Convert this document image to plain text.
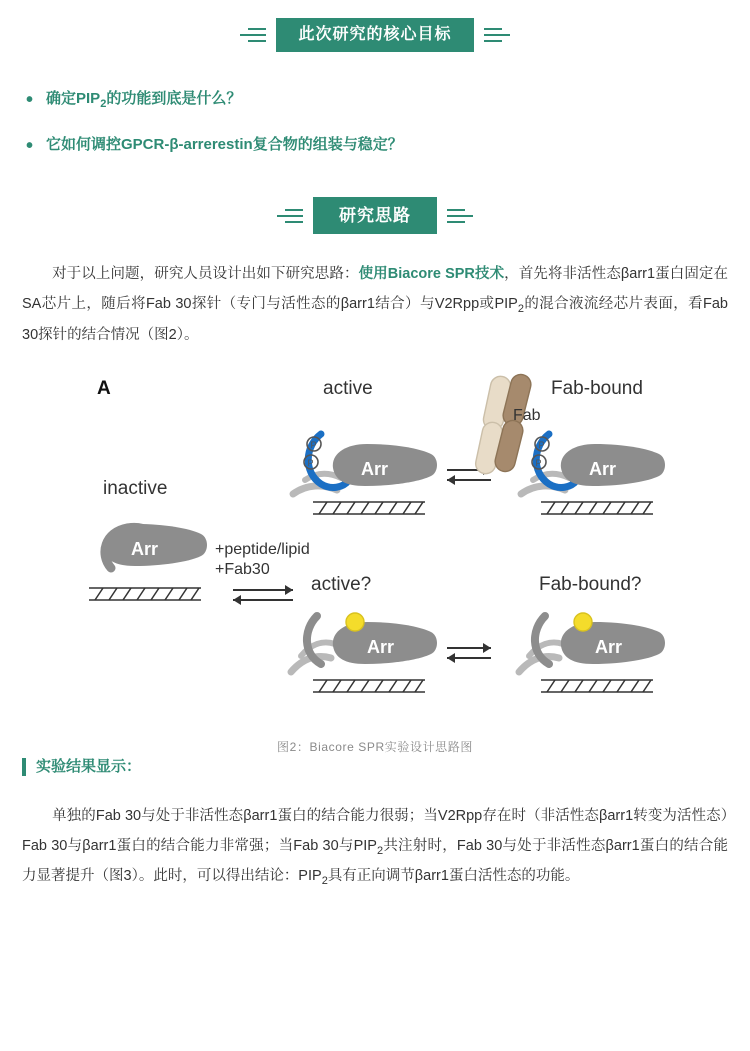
此次研究的核心目标
• 确定$PIP_2$的功能到底是什么？
• 它如何调控GPCR-β-arrerestin复合物的组装与稳定？
研究思路
对于以上问题，研究人员设计出如下研究思路：使用Biacore SPR技术，首先将非活性态βarr1蛋白固定在SA芯片上，随后将Fab 30探针（专门与活性态的βarr1结合）与V2Rpp或$PIP_2$的混合液流经芯片表面，看Fab 30探针的结合情况（图2）。
A
inactive
Arr	+peptide/lipid
+Fab30
active
P
P	Arr
Fab-bound
Fab
P
P	Arr
active?
Arr
Fab-bound?
Arr
图2：Biacore SPR实验设计思路图
实验结果显示：
单独的Fab 30与处于非活性态βarr1蛋白的结合能力很弱；当V2Rpp存在时（非活性态βarr1转变为活性态）Fab 30与βarr1蛋白的结合能力非常强；当Fab 30与$PIP_2$共注射时，Fab 30与处于非活性态βarr1蛋白的结合能力显著提升（图3）。此时，可以得出结论：$PIP_2$具有正向调节βarr1蛋白活性态的功能。
